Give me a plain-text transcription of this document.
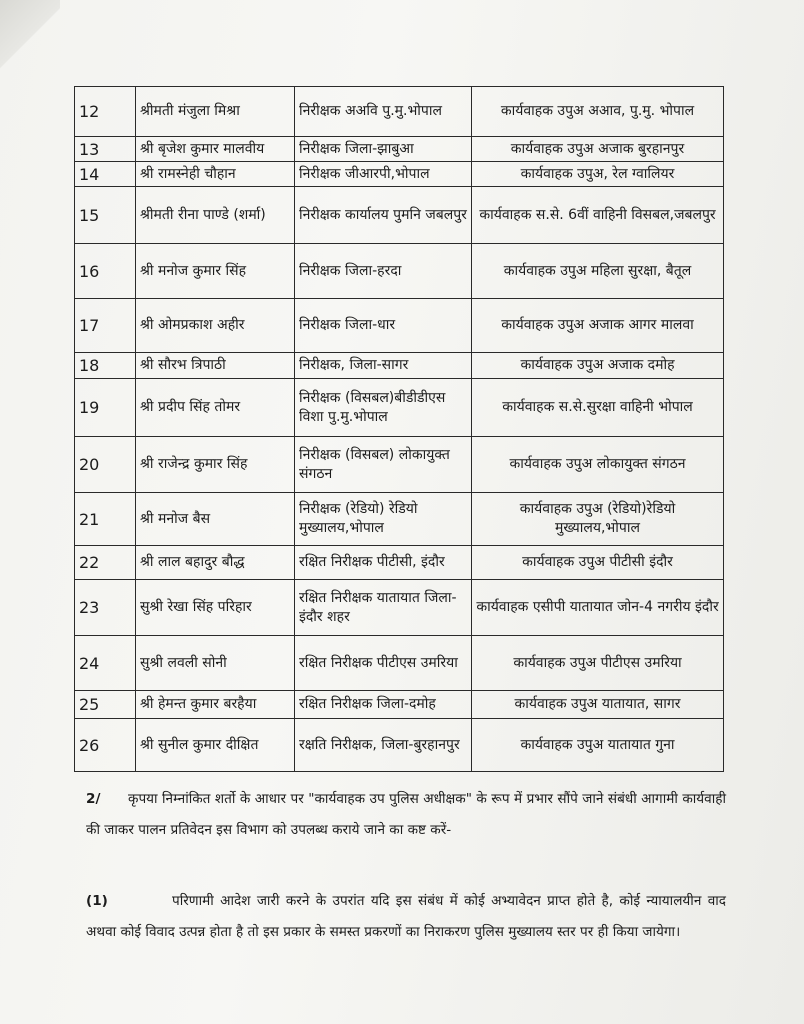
12	श्रीमती मंजुला मिश्रा	निरीक्षक अअवि पु.मु.भोपाल	कार्यवाहक उपुअ अआव, पु.मु. भोपाल
13	श्री बृजेश कुमार मालवीय	निरीक्षक जिला-झाबुआ	कार्यवाहक उपुअ अजाक बुरहानपुर
14	श्री रामस्नेही चौहान	निरीक्षक जीआरपी,भोपाल	कार्यवाहक उपुअ, रेल ग्वालियर
15	श्रीमती रीना पाण्डे (शर्मा)	निरीक्षक कार्यालय पुमनि जबलपुर	कार्यवाहक स.से. 6वीं वाहिनी विसबल,जबलपुर
16	श्री मनोज कुमार सिंह	निरीक्षक जिला-हरदा	कार्यवाहक उपुअ महिला सुरक्षा, बैतूल
17	श्री ओमप्रकाश अहीर	निरीक्षक जिला-धार	कार्यवाहक उपुअ अजाक आगर मालवा
18	श्री सौरभ त्रिपाठी	निरीक्षक, जिला-सागर	कार्यवाहक उपुअ अजाक दमोह
19	श्री प्रदीप सिंह तोमर	निरीक्षक (विसबल)बीडीडीएस विशा पु.मु.भोपाल	कार्यवाहक स.से.सुरक्षा वाहिनी भोपाल
20	श्री राजेन्द्र कुमार सिंह	निरीक्षक (विसबल) लोकायुक्त संगठन	कार्यवाहक उपुअ लोकायुक्त संगठन
21	श्री मनोज बैस	निरीक्षक (रेडियो) रेडियो मुख्यालय,भोपाल	कार्यवाहक उपुअ (रेडियो)रेडियो मुख्यालय,भोपाल
22	श्री लाल बहादुर बौद्ध	रक्षित निरीक्षक पीटीसी, इंदौर	कार्यवाहक उपुअ पीटीसी इंदौर
23	सुश्री रेखा सिंह परिहार	रक्षित निरीक्षक यातायात जिला-इंदौर शहर	कार्यवाहक एसीपी यातायात जोन-4 नगरीय इंदौर
24	सुश्री लवली सोनी	रक्षित निरीक्षक पीटीएस उमरिया	कार्यवाहक उपुअ पीटीएस उमरिया
25	श्री हेमन्त कुमार बरहैया	रक्षित निरीक्षक जिला-दमोह	कार्यवाहक उपुअ यातायात, सागर
26	श्री सुनील कुमार दीक्षित	रक्षति निरीक्षक, जिला-बुरहानपुर	कार्यवाहक उपुअ यातायात गुना
2/ कृपया निम्नांकित शर्तो के आधार पर "कार्यवाहक उप पुलिस अधीक्षक" के रूप में प्रभार सौंपे जाने संबंधी आगामी कार्यवाही की जाकर पालन प्रतिवेदन इस विभाग को उपलब्ध कराये जाने का कष्ट करें-
(1)	परिणामी आदेश जारी करने के उपरांत यदि इस संबंध में कोई अभ्यावेदन प्राप्त होते है, कोई न्यायालयीन वाद अथवा कोई विवाद उत्पन्न होता है तो इस प्रकार के समस्त प्रकरणों का निराकरण पुलिस मुख्यालय स्तर पर ही किया जायेगा।
